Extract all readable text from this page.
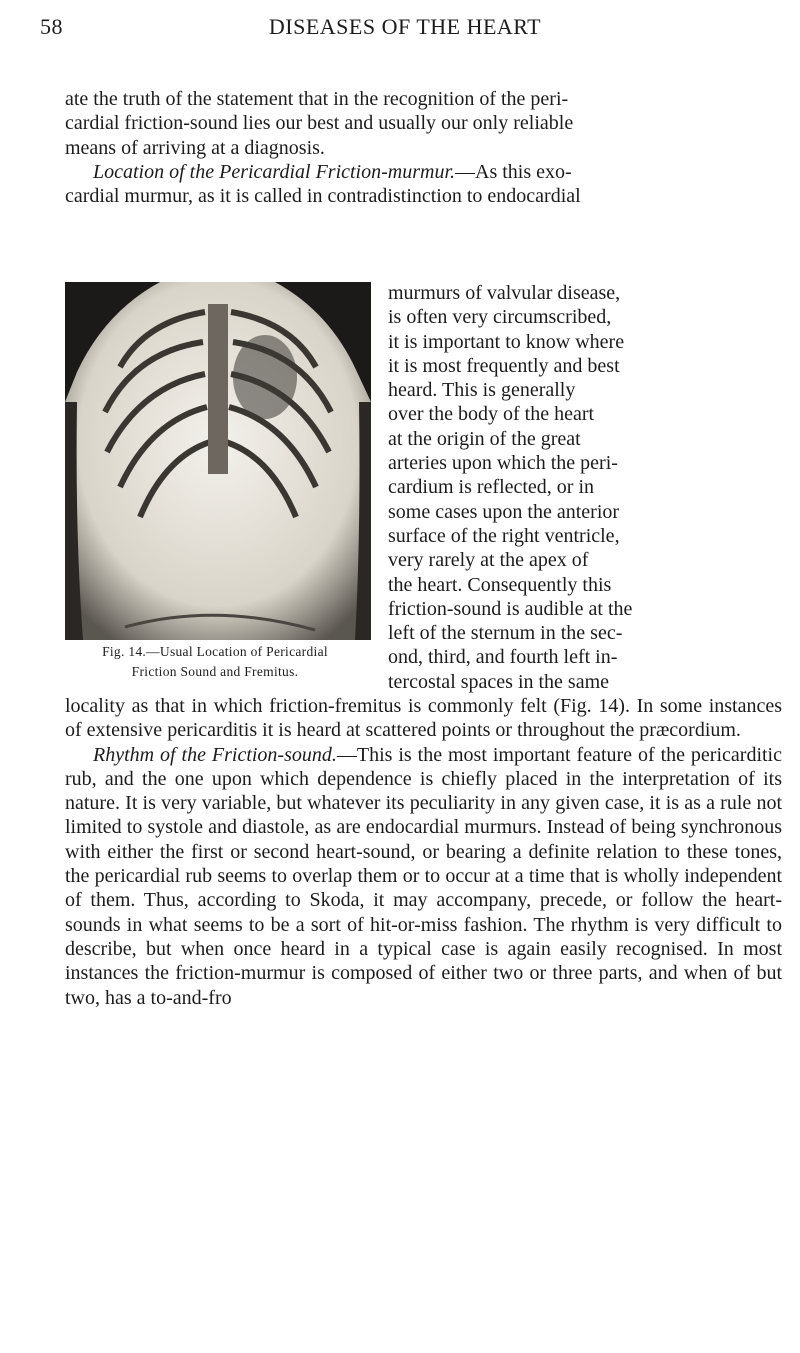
58	DISEASES OF THE HEART

ate the truth of the statement that in the recognition of the peri-

cardial friction-sound lies our best and usually our only reliable

means of arriving at a diagnosis.

Location of the Pericardial Friction-murmur.—As this exo-

cardial murmur, as it is called in contradistinction to endocardial

Fig. 14.—Usual Location of Pericardial
Friction Sound and Fremitus.

murmurs of valvular disease,

is often very circumscribed,

it is important to know where

it is most frequently and best

heard. This is generally

over the body of the heart

at the origin of the great

arteries upon which the peri-

cardium is reflected, or in

some cases upon the anterior

surface of the right ventricle,

very rarely at the apex of

the heart. Consequently this

friction-sound is audible at the

left of the sternum in the sec-

ond, third, and fourth left in-

tercostal spaces in the same

locality as that in which friction-fremitus is commonly felt (Fig. 14). In some instances of extensive pericarditis it is heard at scattered points or throughout the præcordium.

Rhythm of the Friction-sound.—This is the most important feature of the pericarditic rub, and the one upon which dependence is chiefly placed in the interpretation of its nature. It is very variable, but whatever its peculiarity in any given case, it is as a rule not limited to systole and diastole, as are endocardial murmurs. Instead of being synchronous with either the first or second heart-sound, or bearing a definite relation to these tones, the pericardial rub seems to overlap them or to occur at a time that is wholly independent of them. Thus, according to Skoda, it may accompany, precede, or follow the heart-sounds in what seems to be a sort of hit-or-miss fashion. The rhythm is very difficult to describe, but when once heard in a typical case is again easily recognised. In most instances the friction-murmur is composed of either two or three parts, and when of but two, has a to-and-fro
